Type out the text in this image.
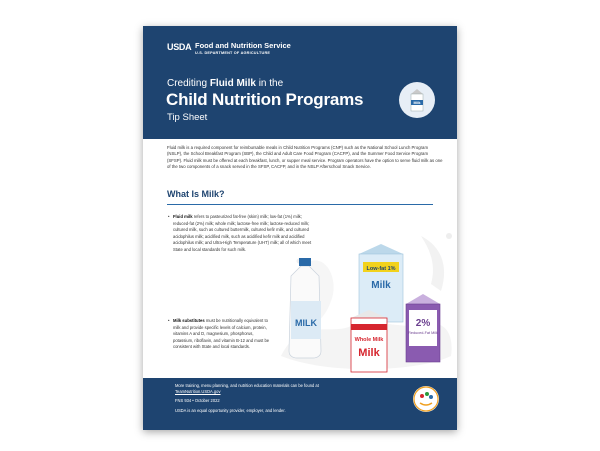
USDA Food and Nutrition Service
U.S. DEPARTMENT OF AGRICULTURE
Crediting Fluid Milk in the
Child Nutrition Programs
Tip Sheet
Milk
Fluid milk is a required component for reimbursable meals in Child Nutrition Programs (CNP) such as the National School Lunch Program (NSLP), the School Breakfast Program (SBP), the Child and Adult Care Food Program (CACFP), and the Summer Food Service Program (SFSP). Fluid milk must be offered at each breakfast, lunch, or supper meal service. Program operators have the option to serve fluid milk as one of the two components of a snack served in the SFSP, CACFP, and in the NSLP Afterschool Snack Service.
What Is Milk?
• Fluid milk refers to pasteurized fat-free (skim) milk; low-fat (1%) milk; reduced-fat (2%) milk; whole milk; lactose-free milk; lactose-reduced milk; cultured milk, such as cultured buttermilk, cultured kefir milk, and cultured acidophilus milk; acidified milk, such as acidified kefir milk and acidified acidophilus milk; and Ultra-High Temperature (UHT) milk; all of which meet State and local standards for such milk.
• Milk substitutes must be nutritionally equivalent to milk and provide specific levels of calcium, protein, vitamins A and D, magnesium, phosphorus, potassium, riboflavin, and vitamin B-12 and must be consistent with State and local standards.
MILK
Low-fat 1%
Milk
2%
Reduced-Fat Milk
Whole Milk
Milk
More training, menu planning, and nutrition education materials can be found at
TeamNutrition.USDA.gov
FNS 934 • October 2022
USDA is an equal opportunity provider, employer, and lender.
